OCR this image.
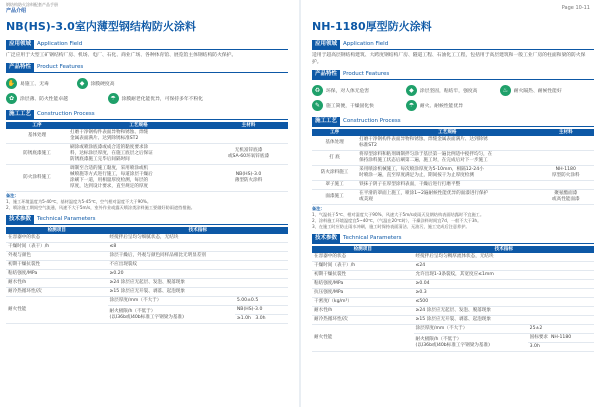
钢结构防火涂料配套产品手册
产品介绍	Page 10-11
NB(HS)-3.0室内薄型钢结构防火涂料
应用领域	Application Field
广泛应用于大型工矿钢结构厂房、机场、电厂、石化、商业广场、各种体育馆、展览馆主体钢结构防火保护。
产品特性	Product Features
✋ 易施工、无毒	◆	涂膜硬度高
✿	涂层薄、防火性能卓越	☂	涂膜耐老化能优异，可保持多年不粉化
施工工艺	Construction Process
工序	工艺规格	主材料
基体处理	打磨干净钢构件表面异物和锈蚀、焊缝
金属表面满片、达到除锈标准ST2	
防锈底漆施工	刷涂或喷涂底漆或成合适的黏度要求涂
料，达标涂层厚度，在施工底层之后保证
防锈底漆施工完毕后间隔时间	无机富锌底漆
或SA-60环氧锌底漆
防火涂料施工	调制至合适的施工黏度，采用喷涂或机
械喷施等方式进行施工，每道涂层干燥后
涂刷下一道，用相量厚度检测，每层的
厚度，达到设计要求，直至规定的厚度	NB(HS)-3.0
薄型防火涂料
备注：
1、施工环境温度为5-40℃，基材温度为5-45℃，空气相对湿度不大于90%。
2、喷涂施工期间空气流通，风速不大于5m/s，室外作业或露天喷涂类涂料施工要做好防雨遮挡措施。
技术参数	Technical Parameters
检测项目	技术指标	
在容器中的状态	经搅拌后呈均匀细腻状态，无结块	
干燥时间（表干）/h	≤8	
外观与颜色	涂层干燥后，外观与颜色同样品相比无明显差别	
初期干燥抗裂性	不应出现裂纹	
粘结强度/MPa	≥0.20	
耐水性/h	≥24 涂层应无起层、发泡、脱落现象	
耐冷热循环性/次	≥15 涂层应无开裂、剥落、起泡现象	
耐火性能	涂层厚度/mm（不大于）	5.00±0.5
	耐火极限/h（不低于）
(以I36b或I40b标准工字钢梁为基准)	NB(HS)-3.0
		≥1.0h 3.0h
NH-1180厚型防火涂料
应用领域	Application Field
适用于超高层钢结构建筑、大跨度钢结构厂房、隧道工程、石油化工工程，包括用于高层建筑和一般工业厂房的柱面和梁的防火保护。
产品特性	Product Features
♻	环保，对人体无危害	◆	涂层坚固，粘结牢，强度高	♨	耐火隔热、耐候性能好
✎	施工简便，干燥固化快	☂	耐火、耐候性能优异
施工工艺	Construction Process
工序	工艺规格	主材料
基体处理	打磨干净钢构件表面异物和锈蚀、焊缝金属表面满片、达到除锈
标准ST2	
打 底	将厚型涂料和粘剂调制拌匀涂于基层第一遍比例适中搅拌均匀，在
保持涂料施工状态后刷第二遍，施工时，在完成后对下一步施工	
防火涂料施工	采用喷涂机械施工，每次喷涂厚度为5-10mm，相隔12-24小
时喷涂一遍，直至厚度满足为止，期间按干为止厚度检测	NH-1180
厚型防火涂料
罩子施工	铁抹子阴子在厚型涂料表面，干燥后进行打磨平整	
面漆施工	在平滑的罩面上施工，喷涂1~2遍耐候性能优异的面漆进行保护
或美观	聚氨酯面漆
或高性能面漆
备注：
1、气温低于5℃、相对湿度大于90%、风速大于5m/s或雨天及钢结构表面结露时不宜施工。
2、涂料施工环境温度宜5~40℃，（气温在20℃时），干燥涂料时间宜7d，一般不大于3h。
3、在施工时应防止雨水冲刷，施工时保持表面清洁、无油污，施工完成后注意养护。
技术参数	Technical Parameters
检测项目	技术指标	
在容器中的状态	经搅拌后呈均匀稠厚流体状态，无结块	
干燥时间（表干）/h	≤24	
初期干燥抗裂性	允许出现1-3条裂纹，其宽度应≤1mm	
粘结强度/MPa	≥0.04	
抗压强度/MPa	≥0.3	
干密度/（kg/m³）	≤500	
耐水性/h	≥24 涂层应无起层、发泡、脱落现象	
耐冷热循环性/次	≥15 涂层应无开裂、剥落、起泡现象	
耐火性能	涂层厚度/mm（不大于）	25±2
	耐火极限/h（不低于）
(以I36b或I40b标准工字钢梁为基准)	国标要求 NH-1180
		3.0h
